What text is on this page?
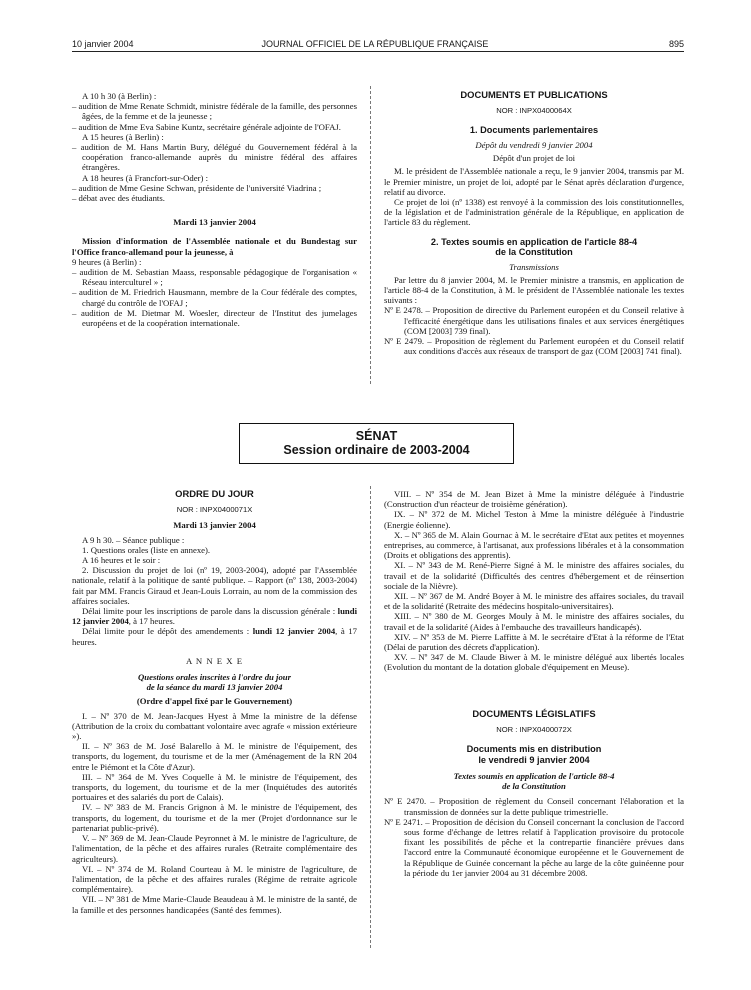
10 janvier 2004	JOURNAL OFFICIEL DE LA RÉPUBLIQUE FRANÇAISE	895

A 10 h 30 (à Berlin) :

– audition de Mme Renate Schmidt, ministre fédérale de la famille, des personnes âgées, de la femme et de la jeunesse ;

– audition de Mme Eva Sabine Kuntz, secrétaire générale adjointe de l'OFAJ.

A 15 heures (à Berlin) :

– audition de M. Hans Martin Bury, délégué du Gouvernement fédéral à la coopération franco-allemande auprès du ministre fédéral des affaires étrangères.

A 18 heures (à Francfort-sur-Oder) :

– audition de Mme Gesine Schwan, présidente de l'université Viadrina ;

– débat avec des étudiants.

Mardi 13 janvier 2004

Mission d'information de l'Assemblée nationale et du Bundestag sur l'Office franco-allemand pour la jeunesse, à

9 heures (à Berlin) :

– audition de M. Sebastian Maass, responsable pédagogique de l'organisation « Réseau interculturel » ;

– audition de M. Friedrich Hausmann, membre de la Cour fédérale des comptes, chargé du contrôle de l'OFAJ ;

– audition de M. Dietmar M. Woesler, directeur de l'Institut des jumelages européens et de la coopération internationale.

DOCUMENTS ET PUBLICATIONS

NOR : INPX0400064X

1. Documents parlementaires

Dépôt du vendredi 9 janvier 2004

Dépôt d'un projet de loi

M. le président de l'Assemblée nationale a reçu, le 9 janvier 2004, transmis par M. le Premier ministre, un projet de loi, adopté par le Sénat après déclaration d'urgence, relatif au divorce.

Ce projet de loi (nº 1338) est renvoyé à la commission des lois constitutionnelles, de la législation et de l'administration générale de la République, en application de l'article 83 du règlement.

2. Textes soumis en application de l'article 88-4

de la Constitution

Transmissions

Par lettre du 8 janvier 2004, M. le Premier ministre a transmis, en application de l'article 88-4 de la Constitution, à M. le président de l'Assemblée nationale les textes suivants :

Nº E 2478. – Proposition de directive du Parlement européen et du Conseil relative à l'efficacité énergétique dans les utilisations finales et aux services énergétiques (COM [2003] 739 final).

Nº E 2479. – Proposition de règlement du Parlement européen et du Conseil relatif aux conditions d'accès aux réseaux de transport de gaz (COM [2003] 741 final).

SÉNAT
Session ordinaire de 2003-2004

ORDRE DU JOUR

NOR : INPX0400071X

Mardi 13 janvier 2004

A 9 h 30. – Séance publique :

1. Questions orales (liste en annexe).

A 16 heures et le soir :

2. Discussion du projet de loi (nº 19, 2003-2004), adopté par l'Assemblée nationale, relatif à la politique de santé publique. – Rapport (nº 138, 2003-2004) fait par MM. Francis Giraud et Jean-Louis Lorrain, au nom de la commission des affaires sociales.

Délai limite pour les inscriptions de parole dans la discussion générale : lundi 12 janvier 2004, à 17 heures.

Délai limite pour le dépôt des amendements : lundi 12 janvier 2004, à 17 heures.

A N N E X E

Questions orales inscrites à l'ordre du jour

de la séance du mardi 13 janvier 2004

(Ordre d'appel fixé par le Gouvernement)

I. – Nº 370 de M. Jean-Jacques Hyest à Mme la ministre de la défense (Attribution de la croix du combattant volontaire avec agrafe « mission extérieure »).

II. – Nº 363 de M. José Balarello à M. le ministre de l'équipement, des transports, du logement, du tourisme et de la mer (Aménagement de la RN 204 entre le Piémont et la Côte d'Azur).

III. – Nº 364 de M. Yves Coquelle à M. le ministre de l'équipement, des transports, du logement, du tourisme et de la mer (Inquiétudes des autorités portuaires et des salariés du port de Calais).

IV. – Nº 383 de M. Francis Grignon à M. le ministre de l'équipement, des transports, du logement, du tourisme et de la mer (Projet d'ordonnance sur le partenariat public-privé).

V. – Nº 369 de M. Jean-Claude Peyronnet à M. le ministre de l'agriculture, de l'alimentation, de la pêche et des affaires rurales (Retraite complémentaire des agriculteurs).

VI. – Nº 374 de M. Roland Courteau à M. le ministre de l'agriculture, de l'alimentation, de la pêche et des affaires rurales (Régime de retraite agricole complémentaire).

VII. – Nº 381 de Mme Marie-Claude Beaudeau à M. le ministre de la santé, de la famille et des personnes handicapées (Santé des femmes).

VIII. – Nº 354 de M. Jean Bizet à Mme la ministre déléguée à l'industrie (Construction d'un réacteur de troisième génération).

IX. – Nº 372 de M. Michel Teston à Mme la ministre déléguée à l'industrie (Energie éolienne).

X. – Nº 365 de M. Alain Gournac à M. le secrétaire d'Etat aux petites et moyennes entreprises, au commerce, à l'artisanat, aux professions libérales et à la consommation (Droits et obligations des apprentis).

XI. – Nº 343 de M. René-Pierre Signé à M. le ministre des affaires sociales, du travail et de la solidarité (Difficultés des centres d'hébergement et de réinsertion sociale de la Nièvre).

XII. – Nº 367 de M. André Boyer à M. le ministre des affaires sociales, du travail et de la solidarité (Retraite des médecins hospitalo-universitaires).

XIII. – Nº 380 de M. Georges Mouly à M. le ministre des affaires sociales, du travail et de la solidarité (Aides à l'embauche des travailleurs handicapés).

XIV. – Nº 353 de M. Pierre Laffitte à M. le secrétaire d'Etat à la réforme de l'Etat (Délai de parution des décrets d'application).

XV. – Nº 347 de M. Claude Biwer à M. le ministre délégué aux libertés locales (Evolution du montant de la dotation globale d'équipement en Meuse).

DOCUMENTS LÉGISLATIFS

NOR : INPX0400072X

Documents mis en distribution

le vendredi 9 janvier 2004

Textes soumis en application de l'article 88-4

de la Constitution

Nº E 2470. – Proposition de règlement du Conseil concernant l'élaboration et la transmission de données sur la dette publique trimestrielle.

Nº E 2471. – Proposition de décision du Conseil concernant la conclusion de l'accord sous forme d'échange de lettres relatif à l'application provisoire du protocole fixant les possibilités de pêche et la contrepartie financière prévues dans l'accord entre la Communauté économique européenne et le Gouvernement de la République de Guinée concernant la pêche au large de la côte guinéenne pour la période du 1er janvier 2004 au 31 décembre 2008.
